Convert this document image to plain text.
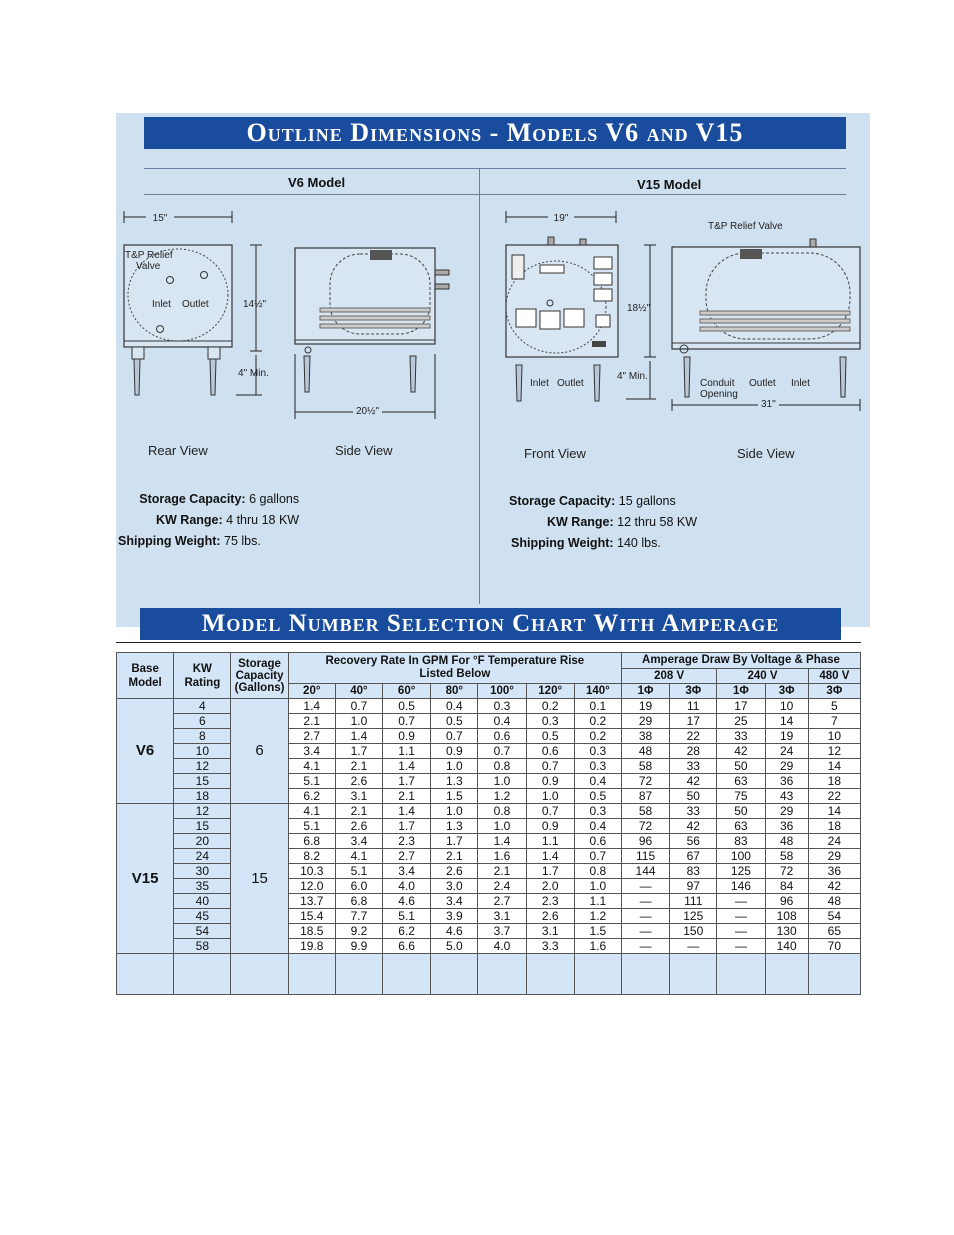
Outline Dimensions - Models V6 and V15
V6 Model	V15 Model
15"
T&P Relief
Valve
Inlet Outlet	14½"
4" Min.
20½"
Rear View	Side View
19"
18½"
4" Min.
Inlet Outlet
T&P Relief Valve
Conduit
Opening
Outlet Inlet
31"
Front View	Side View
Storage Capacity: 6 gallons
KW Range: 4 thru 18 KW
Shipping Weight: 75 lbs.
Storage Capacity: 15 gallons
KW Range: 12 thru 58 KW
Shipping Weight: 140 lbs.
Model Number Selection Chart With Amperage
Base Model	KW Rating	Storage Capacity (Gallons)	Recovery Rate In GPM For °F Temperature Rise Listed Below							Amperage Draw By Voltage & Phase				
										208 V		240 V		480 V
			20°	40°	60°	80°	100°	120°	140°	1Φ	3Φ	1Φ	3Φ	3Φ
V6	4	6	1.4	0.7	0.5	0.4	0.3	0.2	0.1	19	11	17	10	5
	6		2.1	1.0	0.7	0.5	0.4	0.3	0.2	29	17	25	14	7
	8		2.7	1.4	0.9	0.7	0.6	0.5	0.2	38	22	33	19	10
	10		3.4	1.7	1.1	0.9	0.7	0.6	0.3	48	28	42	24	12
	12		4.1	2.1	1.4	1.0	0.8	0.7	0.3	58	33	50	29	14
	15		5.1	2.6	1.7	1.3	1.0	0.9	0.4	72	42	63	36	18
	18		6.2	3.1	2.1	1.5	1.2	1.0	0.5	87	50	75	43	22
V15	12	15	4.1	2.1	1.4	1.0	0.8	0.7	0.3	58	33	50	29	14
	15		5.1	2.6	1.7	1.3	1.0	0.9	0.4	72	42	63	36	18
	20		6.8	3.4	2.3	1.7	1.4	1.1	0.6	96	56	83	48	24
	24		8.2	4.1	2.7	2.1	1.6	1.4	0.7	115	67	100	58	29
	30		10.3	5.1	3.4	2.6	2.1	1.7	0.8	144	83	125	72	36
	35		12.0	6.0	4.0	3.0	2.4	2.0	1.0	—	97	146	84	42
	40		13.7	6.8	4.6	3.4	2.7	2.3	1.1	—	111	—	96	48
	45		15.4	7.7	5.1	3.9	3.1	2.6	1.2	—	125	—	108	54
	54		18.5	9.2	6.2	4.6	3.7	3.1	1.5	—	150	—	130	65
	58		19.8	9.9	6.6	5.0	4.0	3.3	1.6	—	—	—	140	70
